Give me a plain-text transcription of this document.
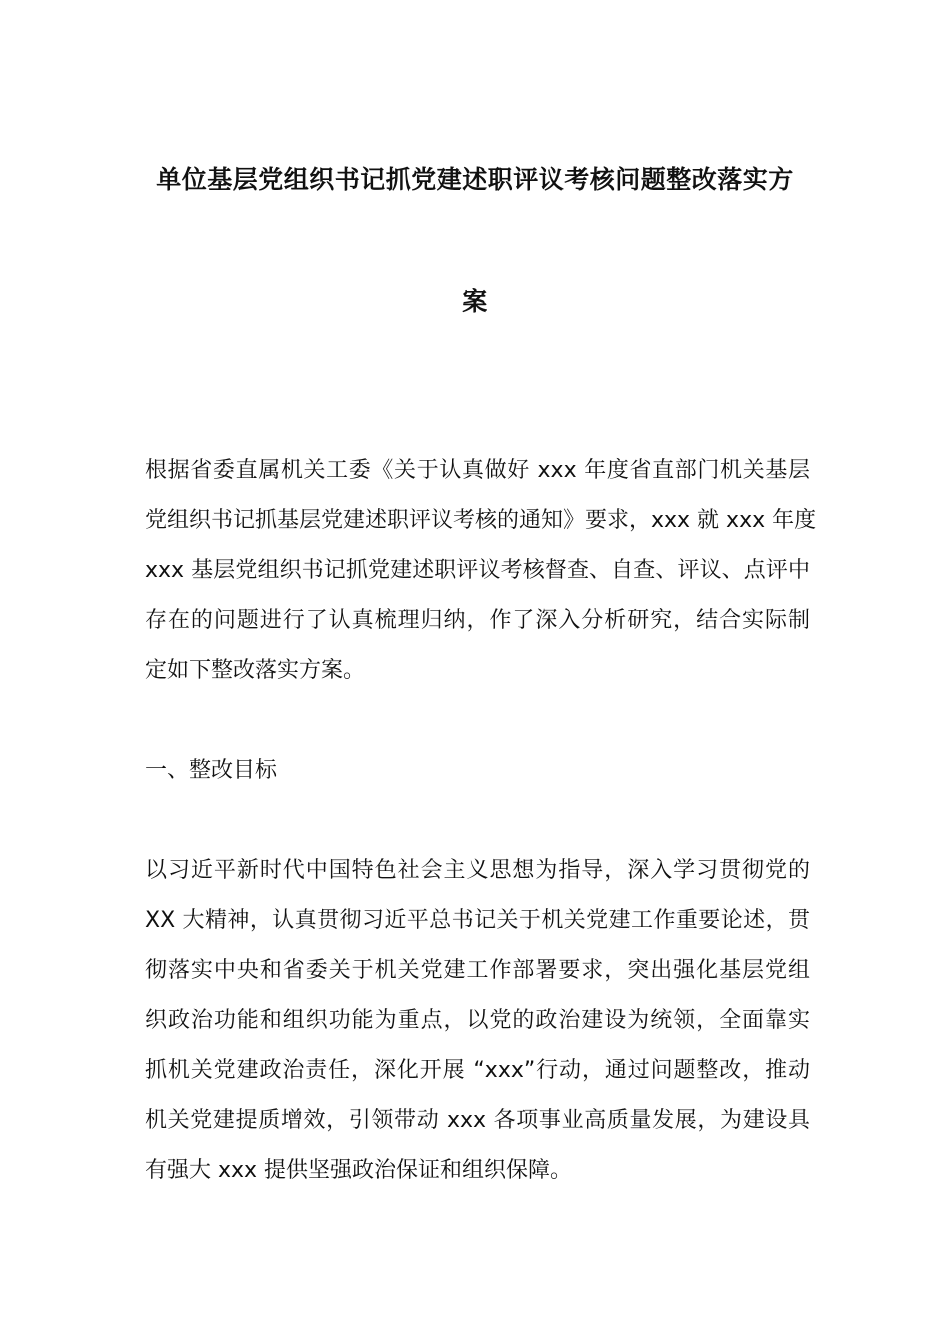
单位基层党组织书记抓党建述职评议考核问题整改落实方
案
根据省委直属机关工委《关于认真做好 xxx 年度省直部门机关基层
党组织书记抓基层党建述职评议考核的通知》要求，xxx 就 xxx 年度
xxx 基层党组织书记抓党建述职评议考核督查、自查、评议、点评中
存在的问题进行了认真梳理归纳，作了深入分析研究，结合实际制
定如下整改落实方案。
一、整改目标
以习近平新时代中国特色社会主义思想为指导，深入学习贯彻党的
XX 大精神，认真贯彻习近平总书记关于机关党建工作重要论述，贯
彻落实中央和省委关于机关党建工作部署要求，突出强化基层党组
织政治功能和组织功能为重点，以党的政治建设为统领，全面靠实
抓机关党建政治责任，深化开展 “xxx”行动，通过问题整改，推动
机关党建提质增效，引领带动 xxx 各项事业高质量发展，为建设具
有强大 xxx 提供坚强政治保证和组织保障。
